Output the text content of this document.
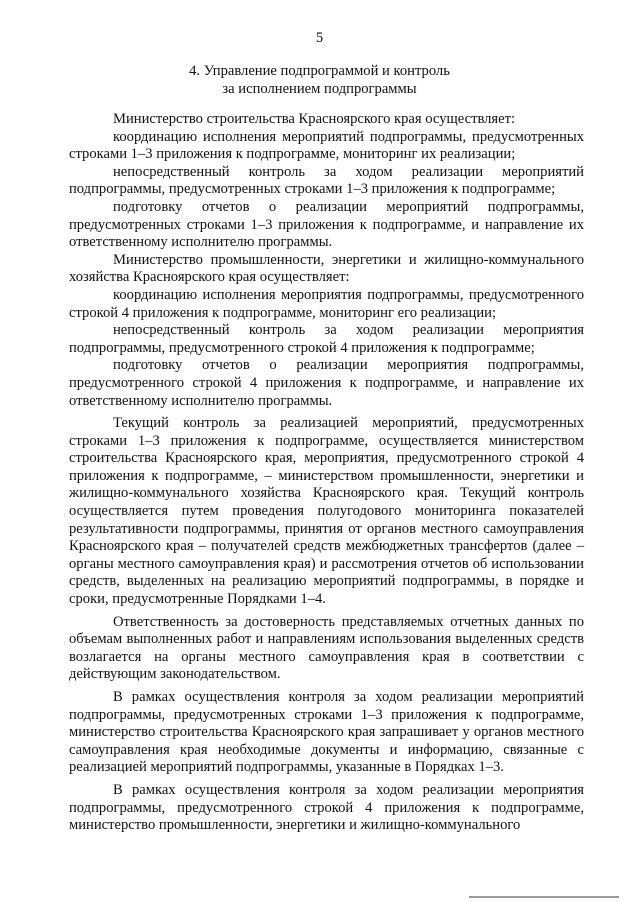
5
4. Управление подпрограммой и контроль
за исполнением подпрограммы

Министерство строительства Красноярского края осуществляет:

координацию исполнения мероприятий подпрограммы, предусмотренных строками 1–3 приложения к подпрограмме, мониторинг их реализации;

непосредственный контроль за ходом реализации мероприятий подпрограммы, предусмотренных строками 1–3 приложения к подпрограмме;

подготовку отчетов о реализации мероприятий подпрограммы, предусмотренных строками 1–3 приложения к подпрограмме, и направление их ответственному исполнителю программы.

Министерство промышленности, энергетики и жилищно-коммунального хозяйства Красноярского края осуществляет:

координацию исполнения мероприятия подпрограммы, предусмотренного строкой 4 приложения к подпрограмме, мониторинг его реализации;

непосредственный контроль за ходом реализации мероприятия подпрограммы, предусмотренного строкой 4 приложения к подпрограмме;

подготовку отчетов о реализации мероприятия подпрограммы, предусмотренного строкой 4 приложения к подпрограмме, и направление их ответственному исполнителю программы.

Текущий контроль за реализацией мероприятий, предусмотренных строками 1–3 приложения к подпрограмме, осуществляется министерством строительства Красноярского края, мероприятия, предусмотренного строкой 4 приложения к подпрограмме, – министерством промышленности, энергетики и жилищно-коммунального хозяйства Красноярского края. Текущий контроль осуществляется путем проведения полугодового мониторинга показателей результативности подпрограммы, принятия от органов местного самоуправления Красноярского края – получателей средств межбюджетных трансфертов (далее – органы местного самоуправления края) и рассмотрения отчетов об использовании средств, выделенных на реализацию мероприятий подпрограммы, в порядке и сроки, предусмотренные Порядками 1–4.

Ответственность за достоверность представляемых отчетных данных по объемам выполненных работ и направлениям использования выделенных средств возлагается на органы местного самоуправления края в соответствии с действующим законодательством.

В рамках осуществления контроля за ходом реализации мероприятий подпрограммы, предусмотренных строками 1–3 приложения к подпрограмме, министерство строительства Красноярского края запрашивает у органов местного самоуправления края необходимые документы и информацию, связанные с реализацией мероприятий подпрограммы, указанные в Порядках 1–3.

В рамках осуществления контроля за ходом реализации мероприятия подпрограммы, предусмотренного строкой 4 приложения к подпрограмме, министерство промышленности, энергетики и жилищно-коммунального
